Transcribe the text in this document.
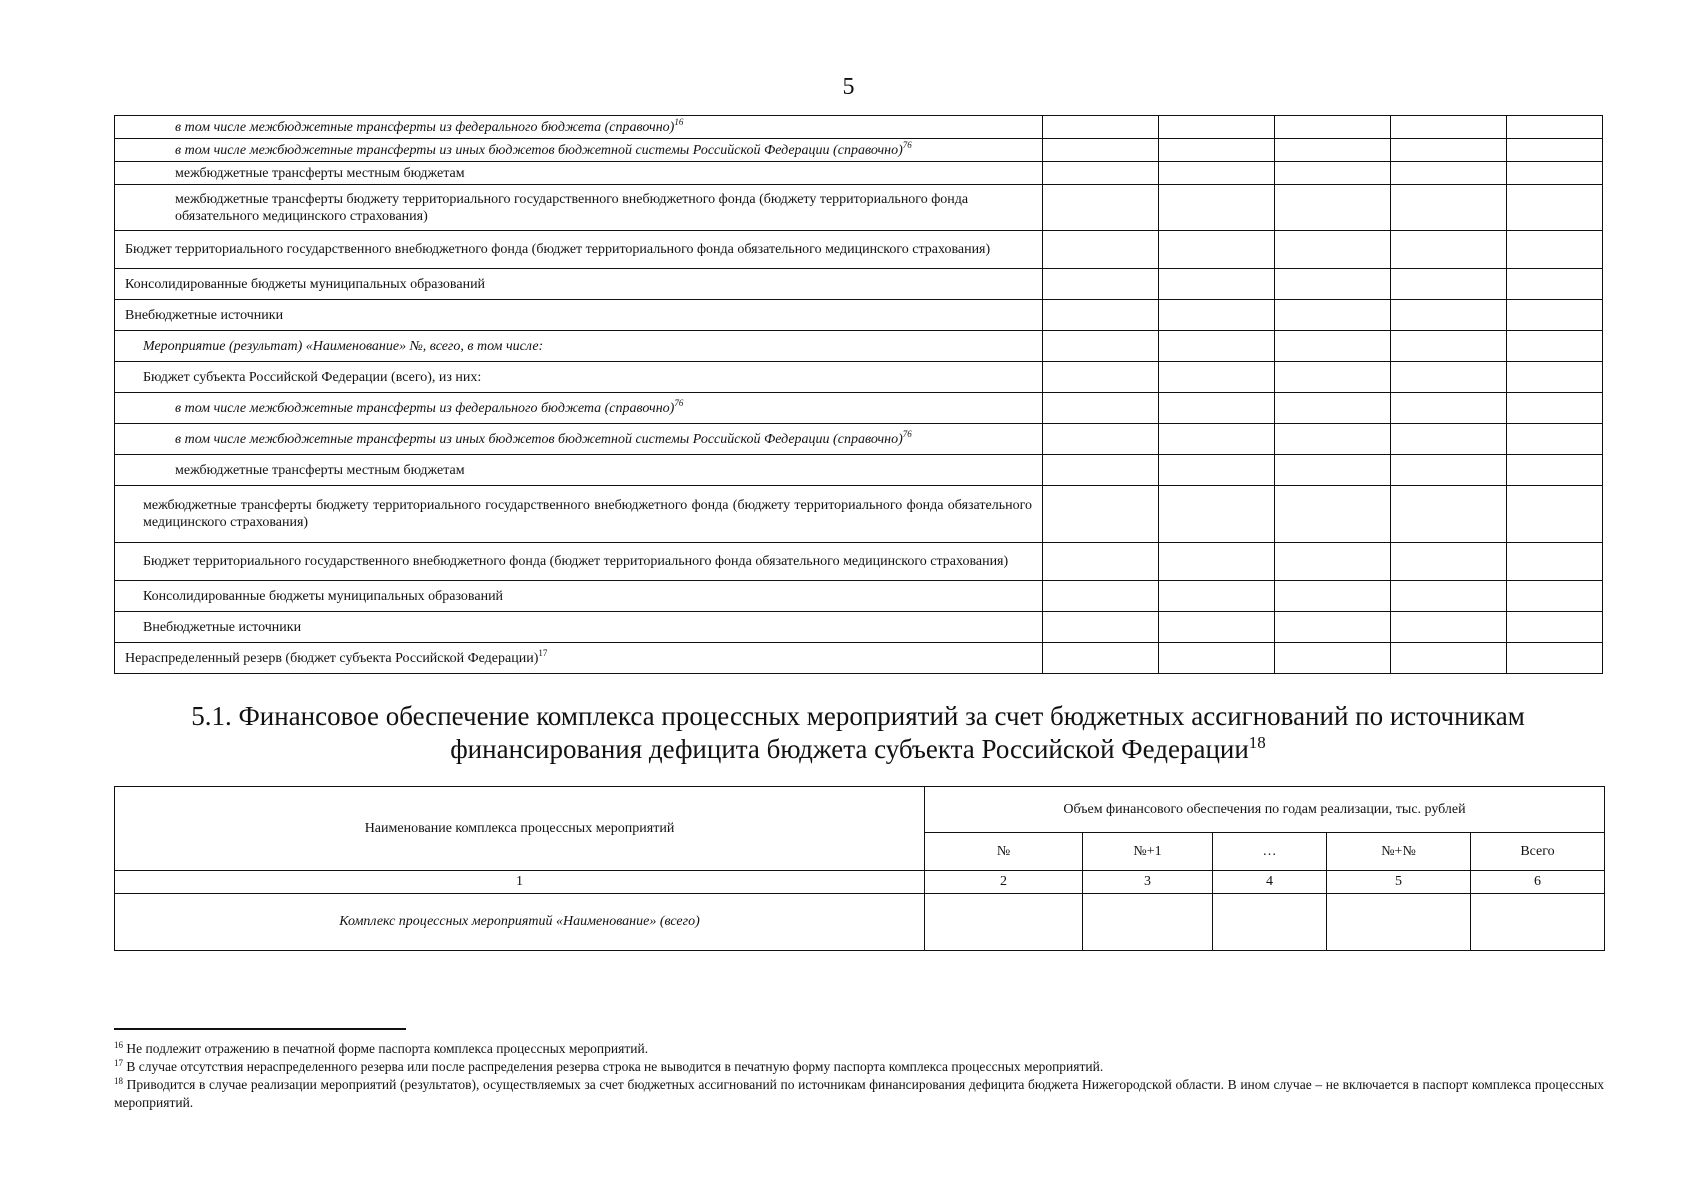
5
в том числе межбюджетные трансферты из федерального бюджета (справочно)$^{16}$					
в том числе межбюджетные трансферты из иных бюджетов бюджетной системы Российской Федерации (справочно)$^{76}$					
межбюджетные трансферты местным бюджетам					
межбюджетные трансферты бюджету территориального государственного внебюджетного фонда (бюджету территориального фонда обязательного медицинского страхования)					
Бюджет территориального государственного внебюджетного фонда (бюджет территориального фонда обязательного медицинского страхования)					
Консолидированные бюджеты муниципальных образований					
Внебюджетные источники					
Мероприятие (результат) «Наименование» №, всего, в том числе:					
Бюджет субъекта Российской Федерации (всего), из них:					
в том числе межбюджетные трансферты из федерального бюджета (справочно)$^{76}$					
в том числе межбюджетные трансферты из иных бюджетов бюджетной системы Российской Федерации (справочно)$^{76}$					
межбюджетные трансферты местным бюджетам					
межбюджетные трансферты бюджету территориального государственного внебюджетного фонда (бюджету территориального фонда обязательного медицинского страхования)					
Бюджет территориального государственного внебюджетного фонда (бюджет территориального фонда обязательного медицинского страхования)					
Консолидированные бюджеты муниципальных образований					
Внебюджетные источники					
Нераспределенный резерв (бюджет субъекта Российской Федерации)$^{17}$					
5.1. Финансовое обеспечение комплекса процессных мероприятий за счет бюджетных ассигнований по источникам финансирования дефицита бюджета субъекта Российской Федерации$^{18}$
Наименование комплекса процессных мероприятий	Объем финансового обеспечения по годам реализации, тыс. рублей				
	№	№+1	…	№+№	Всего
1	2	3	4	5	6
Комплекс процессных мероприятий «Наименование» (всего)					

$^{16}$ Не подлежит отражению в печатной форме паспорта комплекса процессных мероприятий.

$^{17}$ В случае отсутствия нераспределенного резерва или после распределения резерва строка не выводится в печатную форму паспорта комплекса процессных мероприятий.

$^{18}$ Приводится в случае реализации мероприятий (результатов), осуществляемых за счет бюджетных ассигнований по источникам финансирования дефицита бюджета Нижегородской области. В ином случае – не включается в паспорт комплекса процессных мероприятий.
